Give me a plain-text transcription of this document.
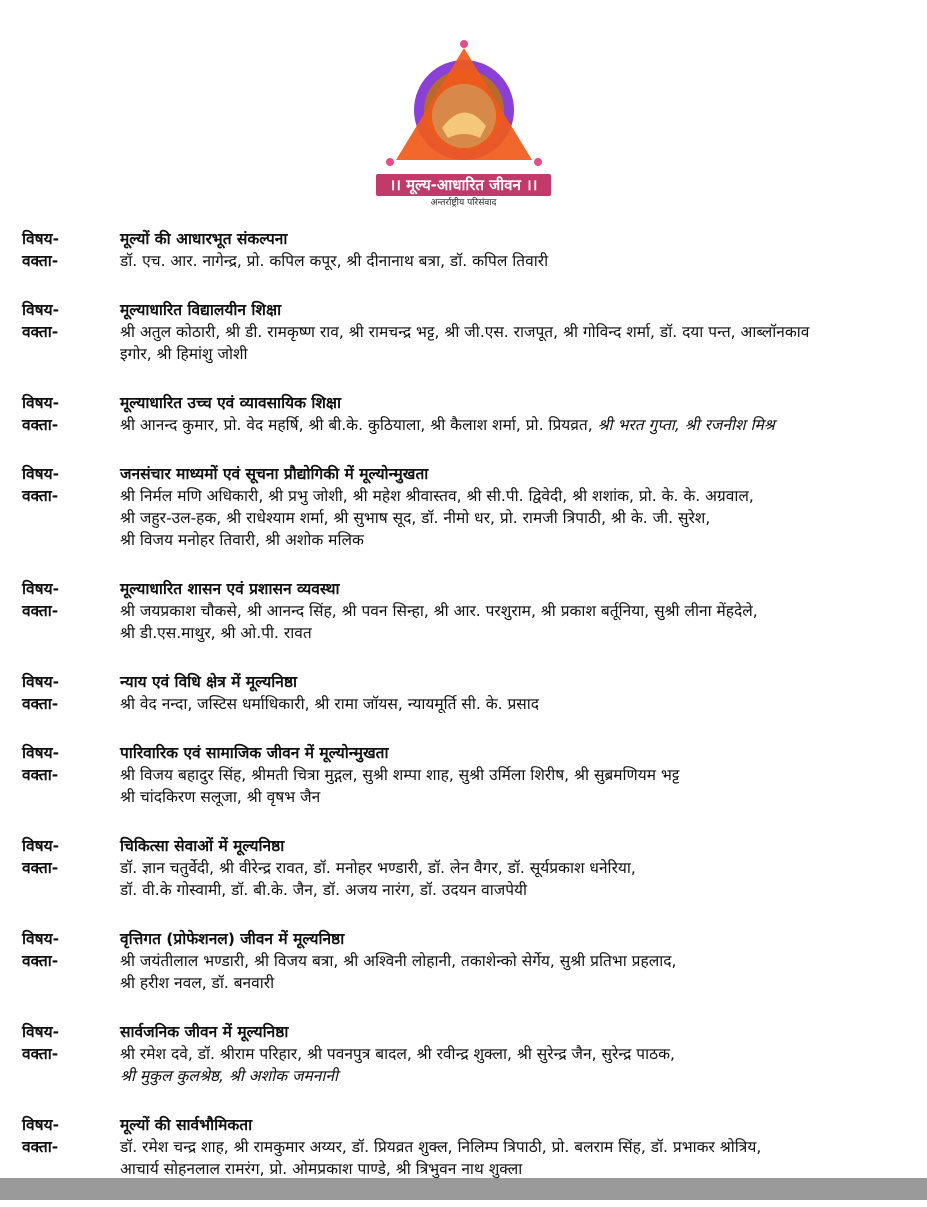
।। मूल्य-आधारित जीवन ।।
अन्तर्राष्ट्रीय परिसंवाद
विषय-	मूल्यों की आधारभूत संकल्पना
वक्ता-	डॉ. एच. आर. नागेन्द्र, प्रो. कपिल कपूर, श्री दीनानाथ बत्रा, डॉ. कपिल तिवारी
विषय-	मूल्याधारित विद्यालयीन शिक्षा
वक्ता-	श्री अतुल कोठारी, श्री डी. रामकृष्ण राव, श्री रामचन्द्र भट्ट, श्री जी.एस. राजपूत, श्री गोविन्द शर्मा, डॉ. दया पन्त, आब्लॉनकाव
इगोर, श्री हिमांशु जोशी
विषय-	मूल्याधारित उच्च एवं व्यावसायिक शिक्षा
वक्ता-	श्री आनन्द कुमार, प्रो. वेद महर्षि, श्री बी.के. कुठियाला, श्री कैलाश शर्मा, प्रो. प्रियव्रत, श्री भरत गुप्ता, श्री रजनीश मिश्र
विषय-	जनसंचार माध्यमों एवं सूचना प्रौद्योगिकी में मूल्योन्मुखता
वक्ता-	श्री निर्मल मणि अधिकारी, श्री प्रभु जोशी, श्री महेश श्रीवास्तव, श्री सी.पी. द्विवेदी, श्री शशांक, प्रो. के. के. अग्रवाल,
श्री जहुर-उल-हक, श्री राधेश्याम शर्मा, श्री सुभाष सूद, डॉ. नीमो धर, प्रो. रामजी त्रिपाठी, श्री के. जी. सुरेश,
श्री विजय मनोहर तिवारी, श्री अशोक मलिक
विषय-	मूल्याधारित शासन एवं प्रशासन व्यवस्था
वक्ता-	श्री जयप्रकाश चौकसे, श्री आनन्द सिंह, श्री पवन सिन्हा, श्री आर. परशुराम, श्री प्रकाश बर्तूनिया, सुश्री लीना मेंहदेले,
श्री डी.एस.माथुर, श्री ओ.पी. रावत
विषय-	न्याय एवं विधि क्षेत्र में मूल्यनिष्ठा
वक्ता-	श्री वेद नन्दा, जस्टिस धर्माधिकारी, श्री रामा जॉयस, न्यायमूर्ति सी. के. प्रसाद
विषय-	पारिवारिक एवं सामाजिक जीवन में मूल्योन्मुखता
वक्ता-	श्री विजय बहादुर सिंह, श्रीमती चित्रा मुद्गल, सुश्री शम्पा शाह, सुश्री उर्मिला शिरीष, श्री सुब्रमणियम भट्ट
श्री चांदकिरण सलूजा, श्री वृषभ जैन
विषय-	चिकित्सा सेवाओं में मूल्यनिष्ठा
वक्ता-	डॉ. ज्ञान चतुर्वेदी, श्री वीरेन्द्र रावत, डॉ. मनोहर भण्डारी, डॉ. लेन वैगर, डॉ. सूर्यप्रकाश धनेरिया,
डॉ. वी.के गोस्वामी, डॉ. बी.के. जैन, डॉ. अजय नारंग, डॉ. उदयन वाजपेयी
विषय-	वृत्तिगत (प्रोफेशनल) जीवन में मूल्यनिष्ठा
वक्ता-	श्री जयंतीलाल भण्डारी, श्री विजय बत्रा, श्री अश्विनी लोहानी, तकाशेन्को सेर्गेय, सुश्री प्रतिभा प्रहलाद,
श्री हरीश नवल, डॉ. बनवारी
विषय-	सार्वजनिक जीवन में मूल्यनिष्ठा
वक्ता-	श्री रमेश दवे, डॉ. श्रीराम परिहार, श्री पवनपुत्र बादल, श्री रवीन्द्र शुक्ला, श्री सुरेन्द्र जैन, सुरेन्द्र पाठक,
श्री मुकुल कुलश्रेष्ठ, श्री अशोक जमनानी
विषय-	मूल्यों की सार्वभौमिकता
वक्ता-	डॉ. रमेश चन्द्र शाह, श्री रामकुमार अय्यर, डॉ. प्रियव्रत शुक्ल, निलिम्प त्रिपाठी, प्रो. बलराम सिंह, डॉ. प्रभाकर श्रोत्रिय,
आचार्य सोहनलाल रामरंग, प्रो. ओमप्रकाश पाण्डे, श्री त्रिभुवन नाथ शुक्ला
